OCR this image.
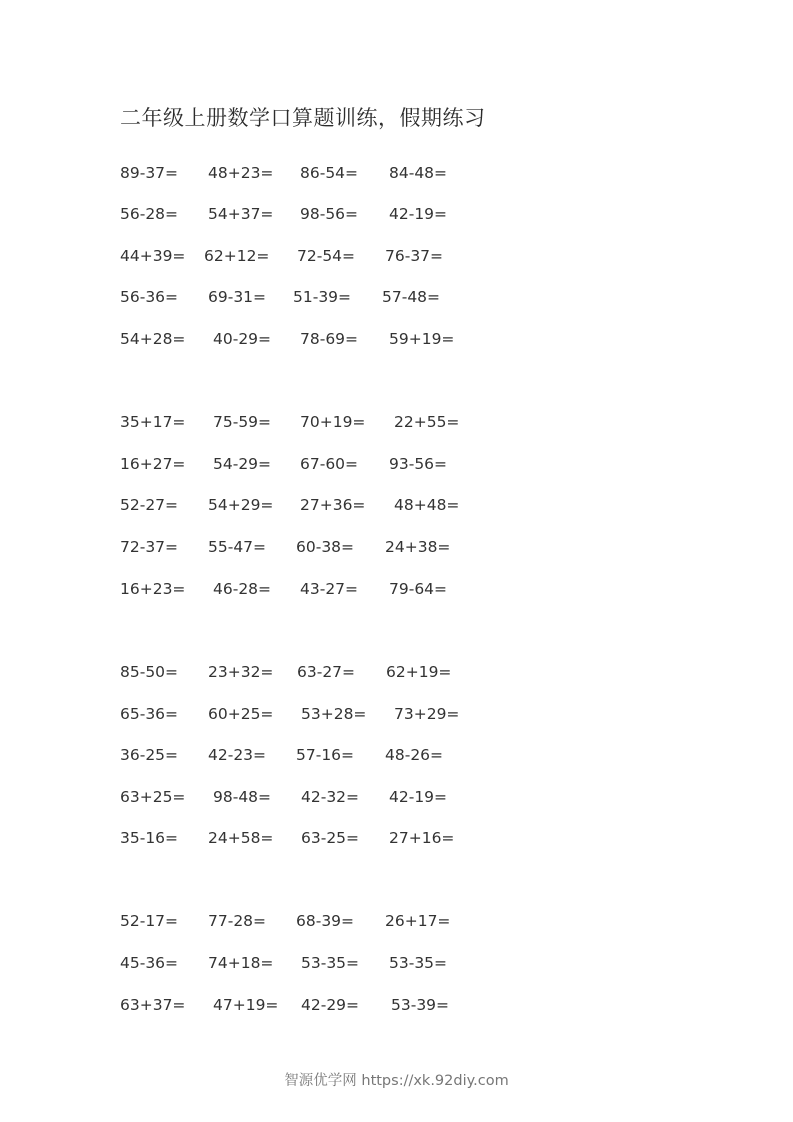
二年级上册数学口算题训练，假期练习
89-37= 48+23= 86-54= 84-48=
56-28= 54+37= 98-56= 42-19=
44+39= 62+12= 72-54= 76-37=
56-36= 69-31= 51-39= 57-48=
54+28= 40-29= 78-69= 59+19=
35+17= 75-59= 70+19= 22+55=
16+27= 54-29= 67-60= 93-56=
52-27= 54+29= 27+36= 48+48=
72-37= 55-47= 60-38= 24+38=
16+23= 46-28= 43-27= 79-64=
85-50= 23+32= 63-27= 62+19=
65-36= 60+25= 53+28= 73+29=
36-25= 42-23= 57-16= 48-26=
63+25= 98-48= 42-32= 42-19=
35-16= 24+58= 63-25= 27+16=
52-17= 77-28= 68-39= 26+17=
45-36= 74+18= 53-35= 53-35=
63+37= 47+19= 42-29= 53-39=
智源优学网 https://xk.92diy.com
